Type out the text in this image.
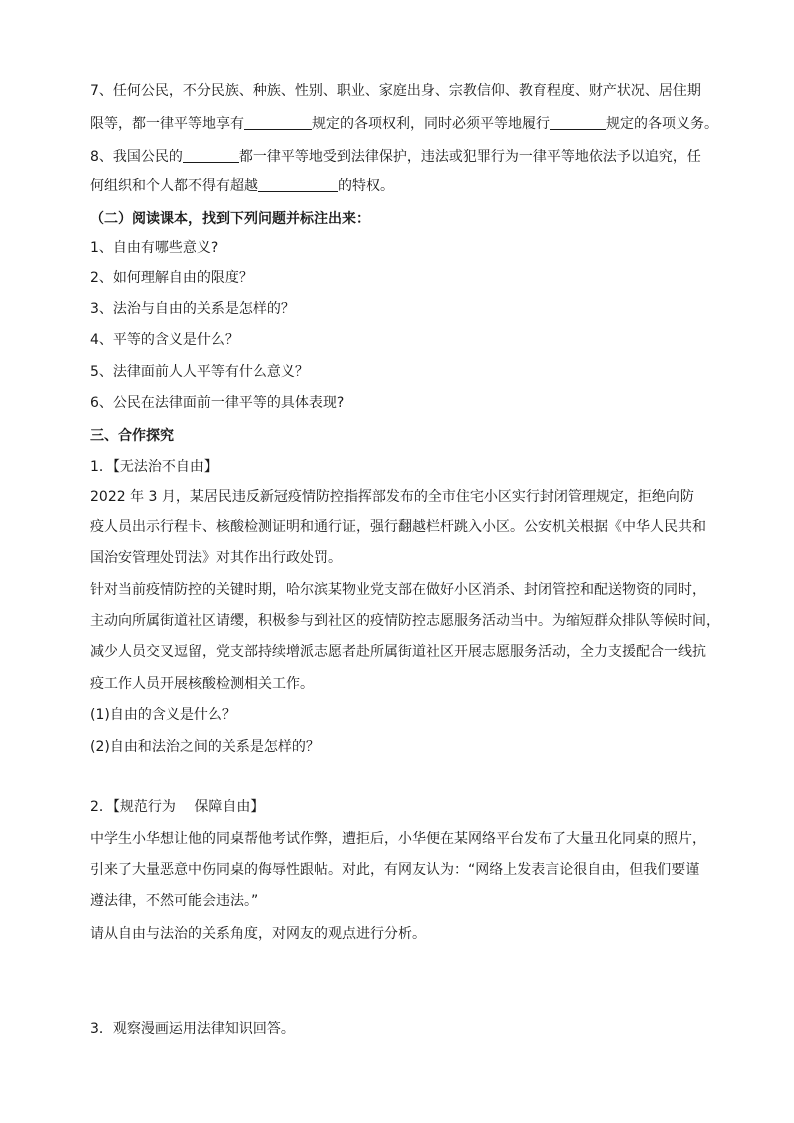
7、任何公民，不分民族、种族、性别、职业、家庭出身、宗教信仰、教育程度、财产状况、居住期
限等，都一律平等地享有	规定的各项权利，同时必须平等地履行	规定的各项义务。
8、我国公民的	都一律平等地受到法律保护，违法或犯罪行为一律平等地依法予以追究，任
何组织和个人都不得有超越	的特权。
（二）阅读课本，找到下列问题并标注出来：
1、自由有哪些意义?
2、如何理解自由的限度？
3、法治与自由的关系是怎样的？
4、平等的含义是什么？
5、法律面前人人平等有什么意义？
6、公民在法律面前一律平等的具体表现?
三、合作探究
1．【无法治不自由】
2022 年 3 月，某居民违反新冠疫情防控指挥部发布的全市住宅小区实行封闭管理规定，拒绝向防
疫人员出示行程卡、核酸检测证明和通行证，强行翻越栏杆跳入小区。公安机关根据《中华人民共和
国治安管理处罚法》对其作出行政处罚。
针对当前疫情防控的关键时期，哈尔滨某物业党支部在做好小区消杀、封闭管控和配送物资的同时，
主动向所属街道社区请缨，积极参与到社区的疫情防控志愿服务活动当中。为缩短群众排队等候时间，
减少人员交叉逗留，党支部持续增派志愿者赴所属街道社区开展志愿服务活动，全力支援配合一线抗
疫工作人员开展核酸检测相关工作。
(1)自由的含义是什么？
(2)自由和法治之间的关系是怎样的？
2．【规范行为　 保障自由】
中学生小华想让他的同桌帮他考试作弊，遭拒后，小华便在某网络平台发布了大量丑化同桌的照片，
引来了大量恶意中伤同桌的侮辱性跟帖。对此，有网友认为：“网络上发表言论很自由，但我们要谨
遵法律，不然可能会违法。”
请从自由与法治的关系角度，对网友的观点进行分析。
3．观察漫画运用法律知识回答。
